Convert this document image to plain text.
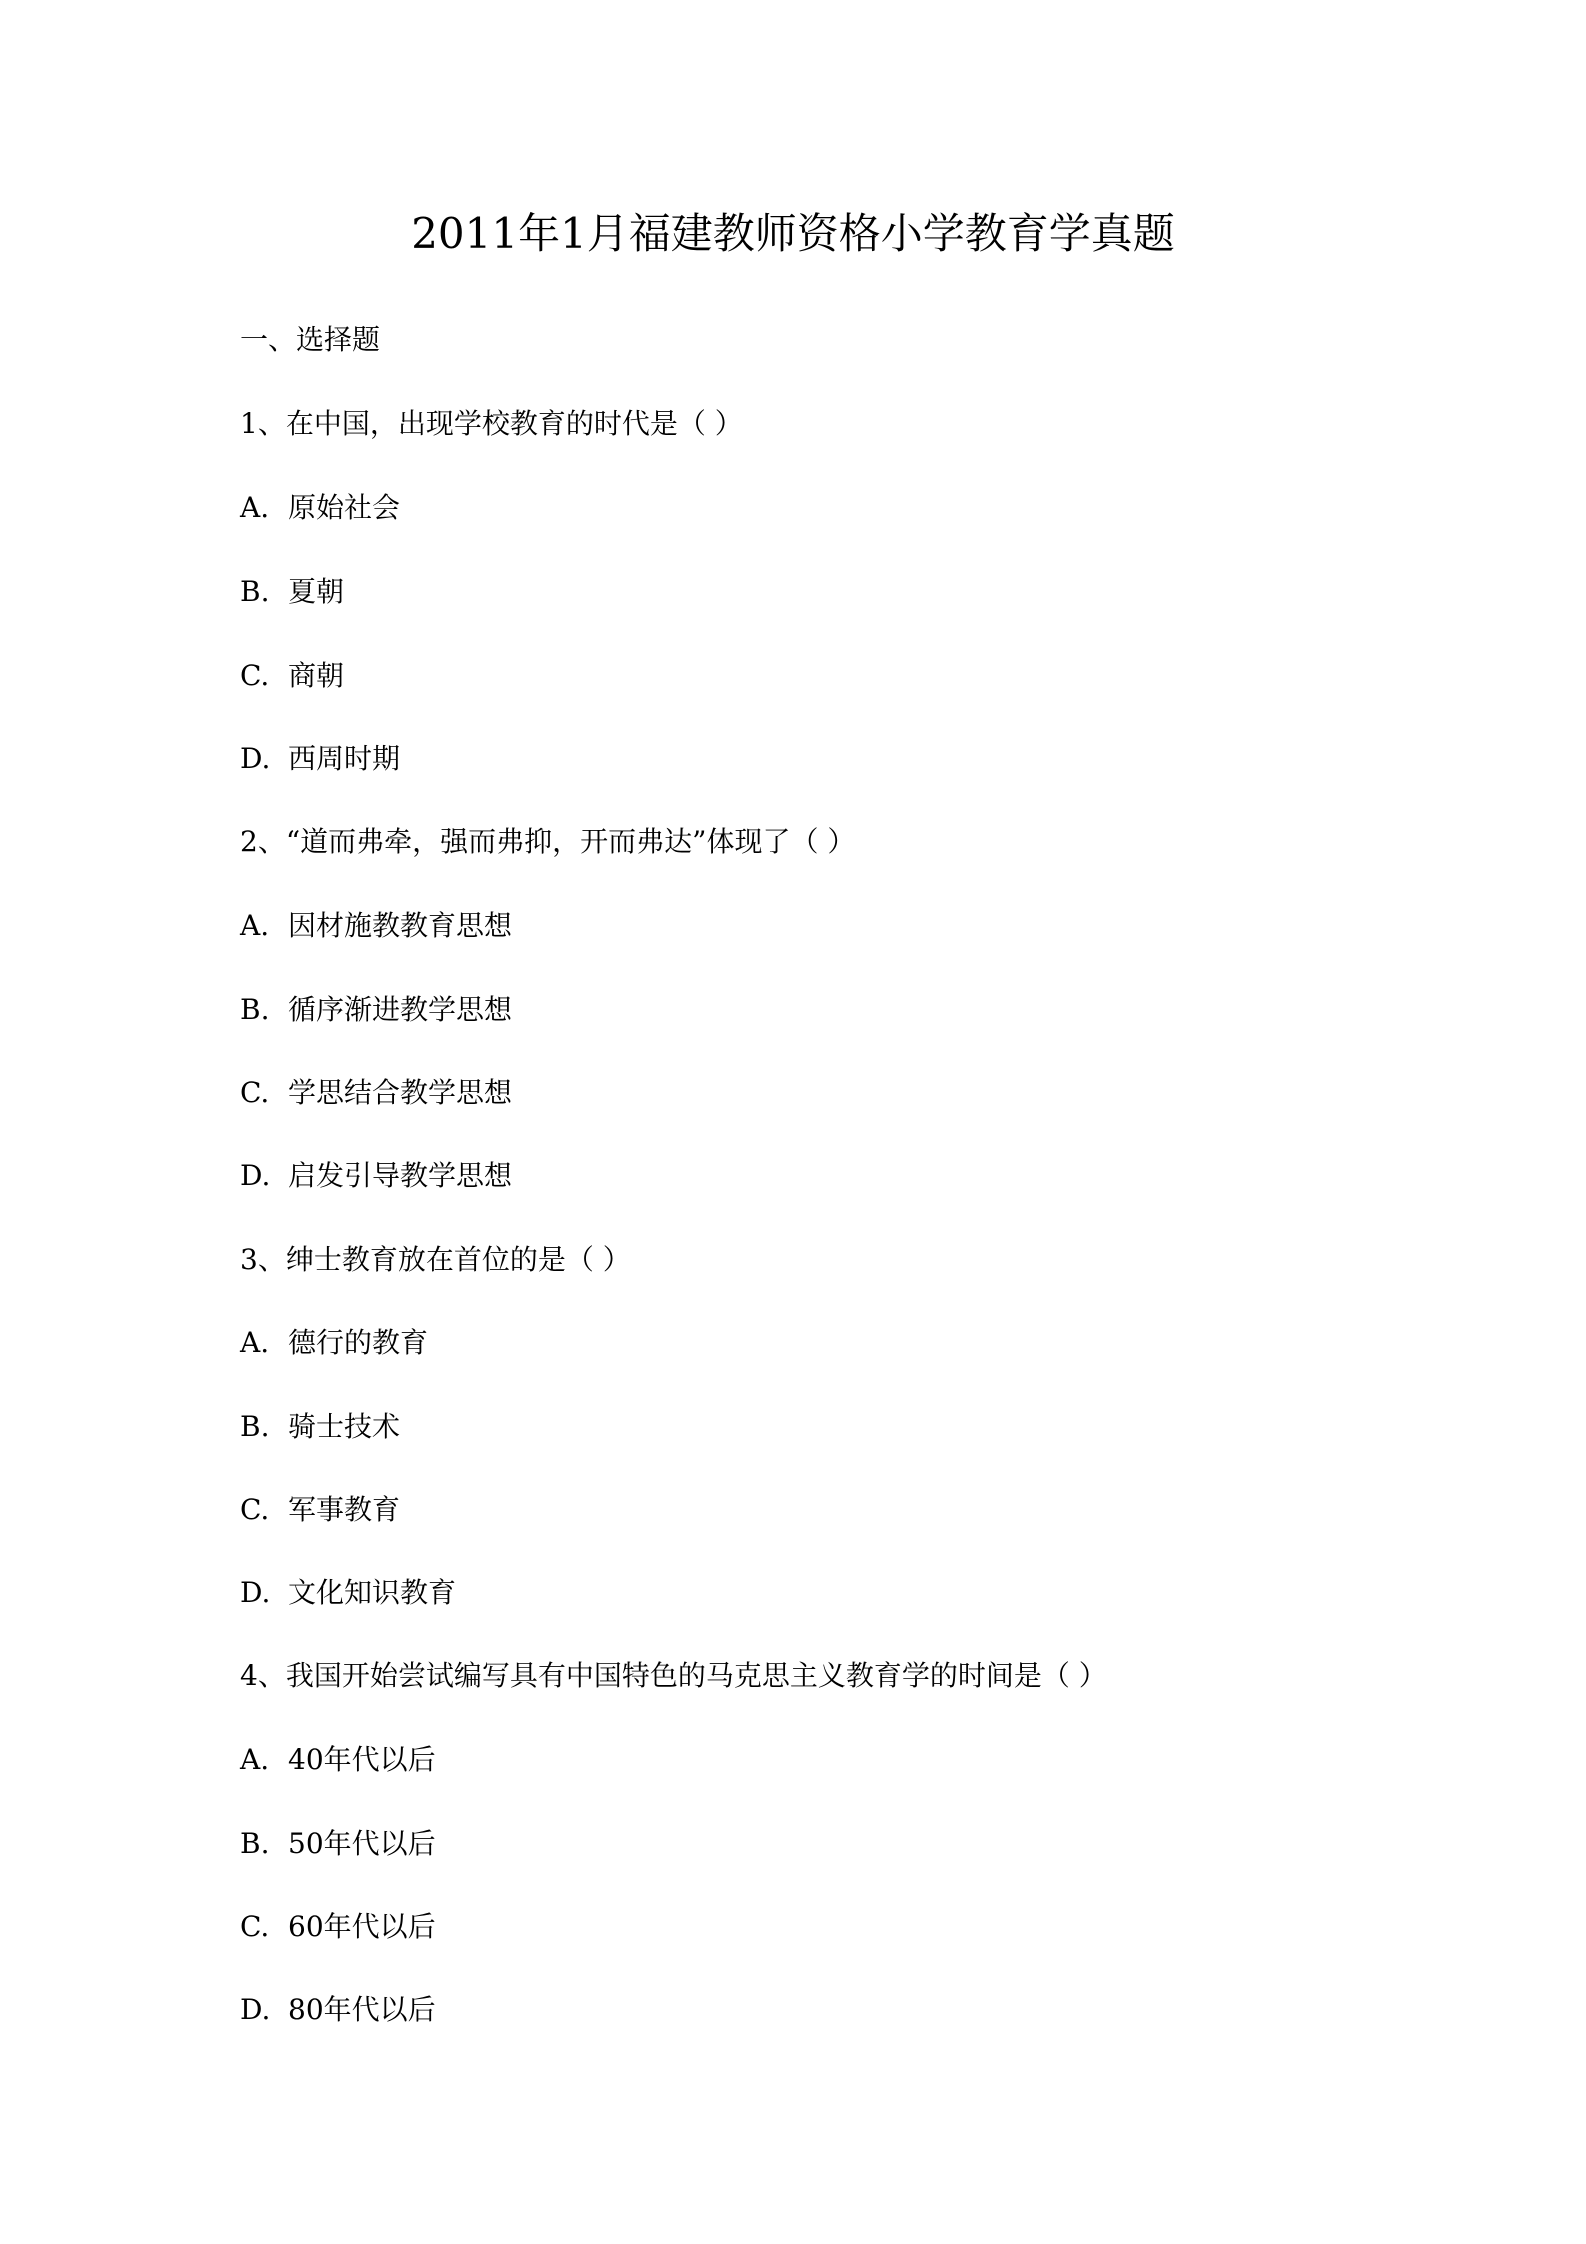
2011年1月福建教师资格小学教育学真题
一、选择题
1、在中国，出现学校教育的时代是（ ）
A. 原始社会
B. 夏朝
C. 商朝
D. 西周时期
2、“道而弗牵，强而弗抑，开而弗达”体现了（ ）
A. 因材施教教育思想
B. 循序渐进教学思想
C. 学思结合教学思想
D. 启发引导教学思想
3、绅士教育放在首位的是（ ）
A. 德行的教育
B. 骑士技术
C. 军事教育
D. 文化知识教育
4、我国开始尝试编写具有中国特色的马克思主义教育学的时间是（ ）
A. 40年代以后
B. 50年代以后
C. 60年代以后
D. 80年代以后
